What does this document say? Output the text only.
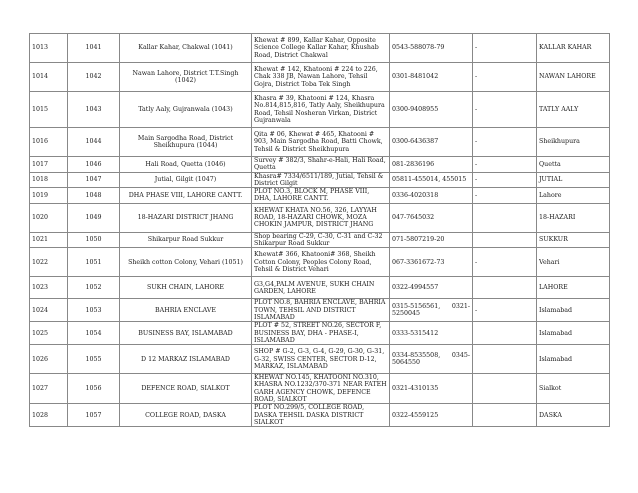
1013	1041	Kallar Kahar, Chakwal (1041)	Khewat # 899, Kallar Kahar, Opposite Science College Kallar Kahar, Khushab Road, District Chakwal	0543-588078-79	-	KALLAR KAHAR
1014	1042	Nawan Lahore, District T.T.Singh (1042)	Khewat # 142, Khatooni # 224 to 226, Chak 338 JB, Nawan Lahore, Tehsil Gojra, District Toba Tek Singh	0301-8481042	-	NAWAN LAHORE
1015	1043	Tatly Aaly, Gujranwala (1043)	Khasra # 39, Khatooni # 124, Khasra No.814,815,816, Tatly Aaly, Sheikhupura Road, Tehsil Nosheran Virkan, District Gujranwala	0300-9408955	-	TATLY AALY
1016	1044	Main Sargodha Road, District Sheikhupura (1044)	Qita # 06, Khewat # 465, Khatooni # 903, Main Sargodha Road, Batti Chowk, Tehsil & District Sheikhupura	0300-6436387	-	Sheikhupura
1017	1046	Hali Road, Quetta (1046)	Survey # 382/3, Shahr-e-Hali, Hali Road, Quetta	081-2836196	-	Quetta
1018	1047	Jutial, Gilgit (1047)	Khasra# 7334/6511/189, Jutial, Tehsil & District Gilgit	05811-455014, 455015	-	JUTIAL
1019	1048	DHA PHASE VIII, LAHORE CANTT.	PLOT NO.3, BLOCK M, PHASE VIII, DHA, LAHORE CANTT.	0336-4020318	-	Lahore
1020	1049	18-HAZARI DISTRICT JHANG	KHEWAT KHATA NO.56, 326, LAYYAH ROAD, 18-HAZARI CHOWK, MOZA CHOKIN JAMPUR, DISTRICT JHANG	047-7645032		18-HAZARI
1021	1050	Shikarpur Road Sukkur	Shop bearing C-29, C-30, C-31 and C-32 Shikarpur Road Sukkur	071-5807219-20		SUKKUR
1022	1051	Sheikh cotton Colony, Vehari (1051)	Khewat# 366, Khatooni# 368, Sheikh Cotton Colony, Peoples Colony Road, Tehsil & District Vehari	067-3361672-73	-	Vehari
1023	1052	SUKH CHAIN, LAHORE	G3,G4,PALM AVENUE, SUKH CHAIN GARDEN, LAHORE	0322-4994557		LAHORE
1024	1053	BAHRIA ENCLAVE	PLOT NO.8, BAHRIA ENCLAVE, BAHRIA TOWN, TEHSIL AND DISTRICT ISLAMABAD	0315-5156561, 0321-5250045	-	Islamabad
1025	1054	BUSINESS BAY, ISLAMABAD	PLOT # 52, STREET NO.26, SECTOR F, BUSINESS BAY, DHA - PHASE-I, ISLAMABAD	0333-5315412		Islamabad
1026	1055	D 12 MARKAZ ISLAMABAD	SHOP # G-2, G-3, G-4, G-29, G-30, G-31, G-32, SWISS CENTER, SECTOR D-12, MARKAZ, ISLAMABAD	0334-8535508, 0345-5064550		Islamabad
1027	1056	DEFENCE ROAD, SIALKOT	KHEWAT NO.145, KHATOONI NO.310, KHASRA NO.1232/370-371 NEAR FATEH GARH AGENCY CHOWK, DEFENCE ROAD, SIALKOT	0321-4310135		Sialkot
1028	1057	COLLEGE ROAD, DASKA	PLOT NO.299/5, COLLEGE ROAD, DASKA TEHSIL DASKA DISTRICT SIALKOT	0322-4559125		DASKA
